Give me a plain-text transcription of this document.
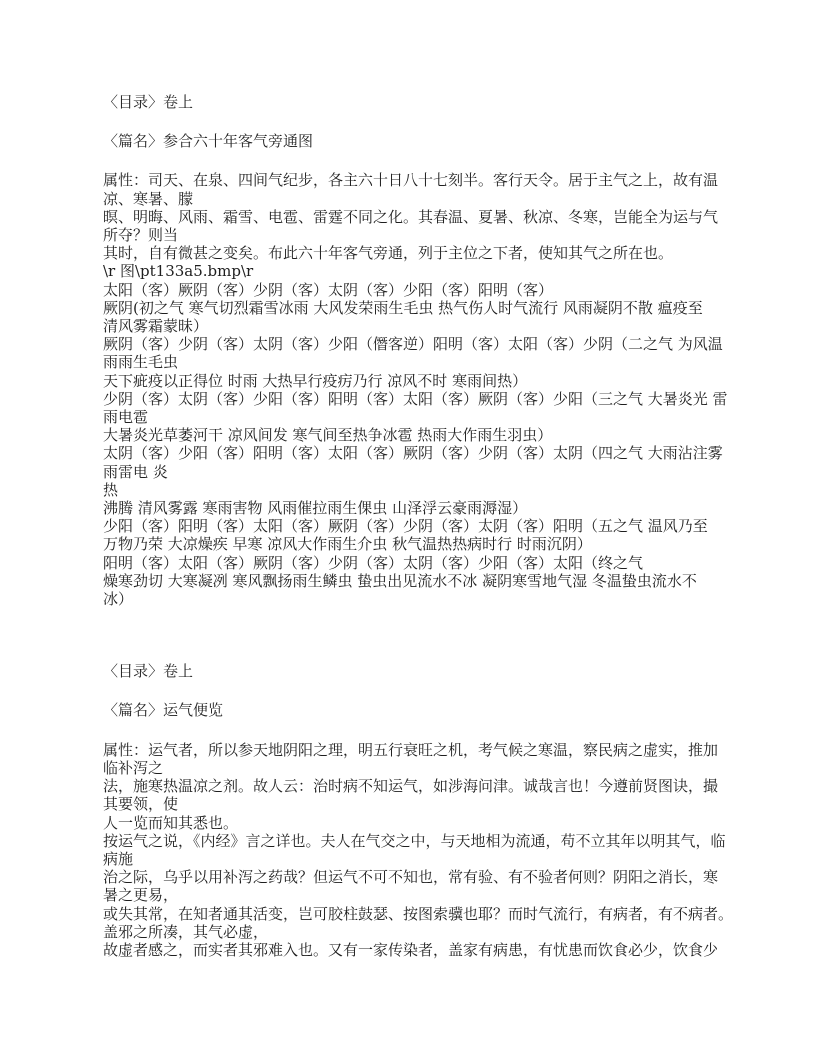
〈目录〉卷上
〈篇名〉参合六十年客气旁通图
属性：司天、在泉、四间气纪步，各主六十日八十七刻半。客行天令。居于主气之上，故有温
凉、寒暑、朦
暝、明晦、风雨、霜雪、电雹、雷霆不同之化。其春温、夏暑、秋凉、冬寒，岂能全为运与气
所夺？则当
其时，自有微甚之变矣。布此六十年客气旁通，列于主位之下者，使知其气之所在也。
\r 图\pt133a5.bmp\r
太阳（客）厥阴（客）少阴（客）太阴（客）少阳（客）阳明（客）
厥阴(初之气 寒气切烈霜雪冰雨 大风发荣雨生毛虫 热气伤人时气流行 风雨凝阴不散 瘟疫至
清风雾霜蒙昧）
厥阴（客）少阴（客）太阴（客）少阳（僭客逆）阳明（客）太阳（客）少阴（二之气 为风温
雨雨生毛虫
天下疵疫以正得位 时雨 大热早行疫疠乃行 凉风不时 寒雨间热）
少阴（客）太阴（客）少阳（客）阳明（客）太阳（客）厥阴（客）少阳（三之气 大暑炎光 雷
雨电雹
大暑炎光草萎河干 凉风间发 寒气间至热争冰雹 热雨大作雨生羽虫）
太阴（客）少阳（客）阳明（客）太阳（客）厥阴（客）少阴（客）太阴（四之气 大雨沾注雾
雨雷电 炎
热
沸腾 清风雾露 寒雨害物 风雨催拉雨生倮虫 山泽浮云豪雨溽湿）
少阳（客）阳明（客）太阳（客）厥阴（客）少阴（客）太阴（客）阳明（五之气 温风乃至
万物乃荣 大凉燥疾 早寒 凉风大作雨生介虫 秋气温热热病时行 时雨沉阴）
阳明（客）太阳（客）厥阴（客）少阴（客）太阴（客）少阳（客）太阳（终之气
燥寒劲切 大寒凝冽 寒风飘扬雨生鳞虫 蛰虫出见流水不冰 凝阴寒雪地气湿 冬温蛰虫流水不
冰）
〈目录〉卷上
〈篇名〉运气便览
属性：运气者，所以参天地阴阳之理，明五行衰旺之机，考气候之寒温，察民病之虚实，推加
临补泻之
法，施寒热温凉之剂。故人云：治时病不知运气，如涉海问津。诚哉言也！今遵前贤图诀，撮
其要领，使
人一览而知其悉也。
按运气之说，《内经》言之详也。夫人在气交之中，与天地相为流通，苟不立其年以明其气，临
病施
治之际，乌乎以用补泻之药哉？但运气不可不知也，常有验、有不验者何则？阴阳之消长，寒
暑之更易，
或失其常，在知者通其活变，岂可胶柱鼓瑟、按图索骥也耶？而时气流行，有病者，有不病者。
盖邪之所凑，其气必虚，
故虚者感之，而实者其邪难入也。又有一家传染者，盖家有病患，有忧患而饮食必少，饮食少
